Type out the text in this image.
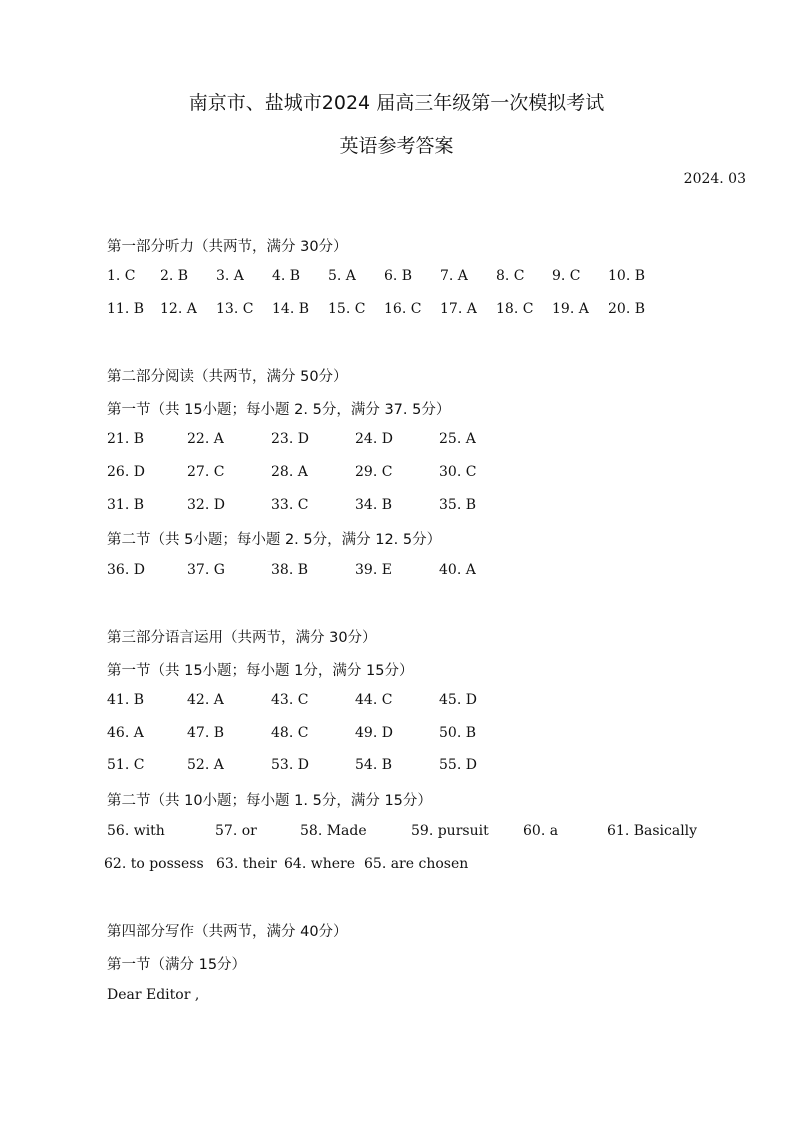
南京市、盐城市2024 届高三年级第一次模拟考试
英语参考答案
2024. 03
第一部分听力（共两节，满分 30分）
1. C 2. B 3. A 4. B 5. A 6. B 7. A 8. C 9. C 10. B
11. B 12. A 13. C 14. B 15. C 16. C 17. A 18. C 19. A 20. B
第二部分阅读（共两节，满分 50分）
第一节（共 15小题；每小题 2. 5分，满分 37. 5分）
21. B	22. A	23. D	24. D	25. A
26. D	27. C	28. A	29. C	30. C
31. B	32. D	33. C	34. B	35. B
第二节（共 5小题；每小题 2. 5分，满分 12. 5分）
36. D	37. G	38. B	39. E	40. A
第三部分语言运用（共两节，满分 30分）
第一节（共 15小题；每小题 1分，满分 15分）
41. B	42. A	43. C	44. C	45. D
46. A	47. B	48. C	49. D	50. B
51. C	52. A	53. D	54. B	55. D
第二节（共 10小题；每小题 1. 5分，满分 15分）
56. with	57. or	58. Made	59. pursuit 60. a	61. Basically
62. to possess 63. their 64. where 65. are chosen
第四部分写作（共两节，满分 40分）
第一节（满分 15分）
Dear Editor ,
